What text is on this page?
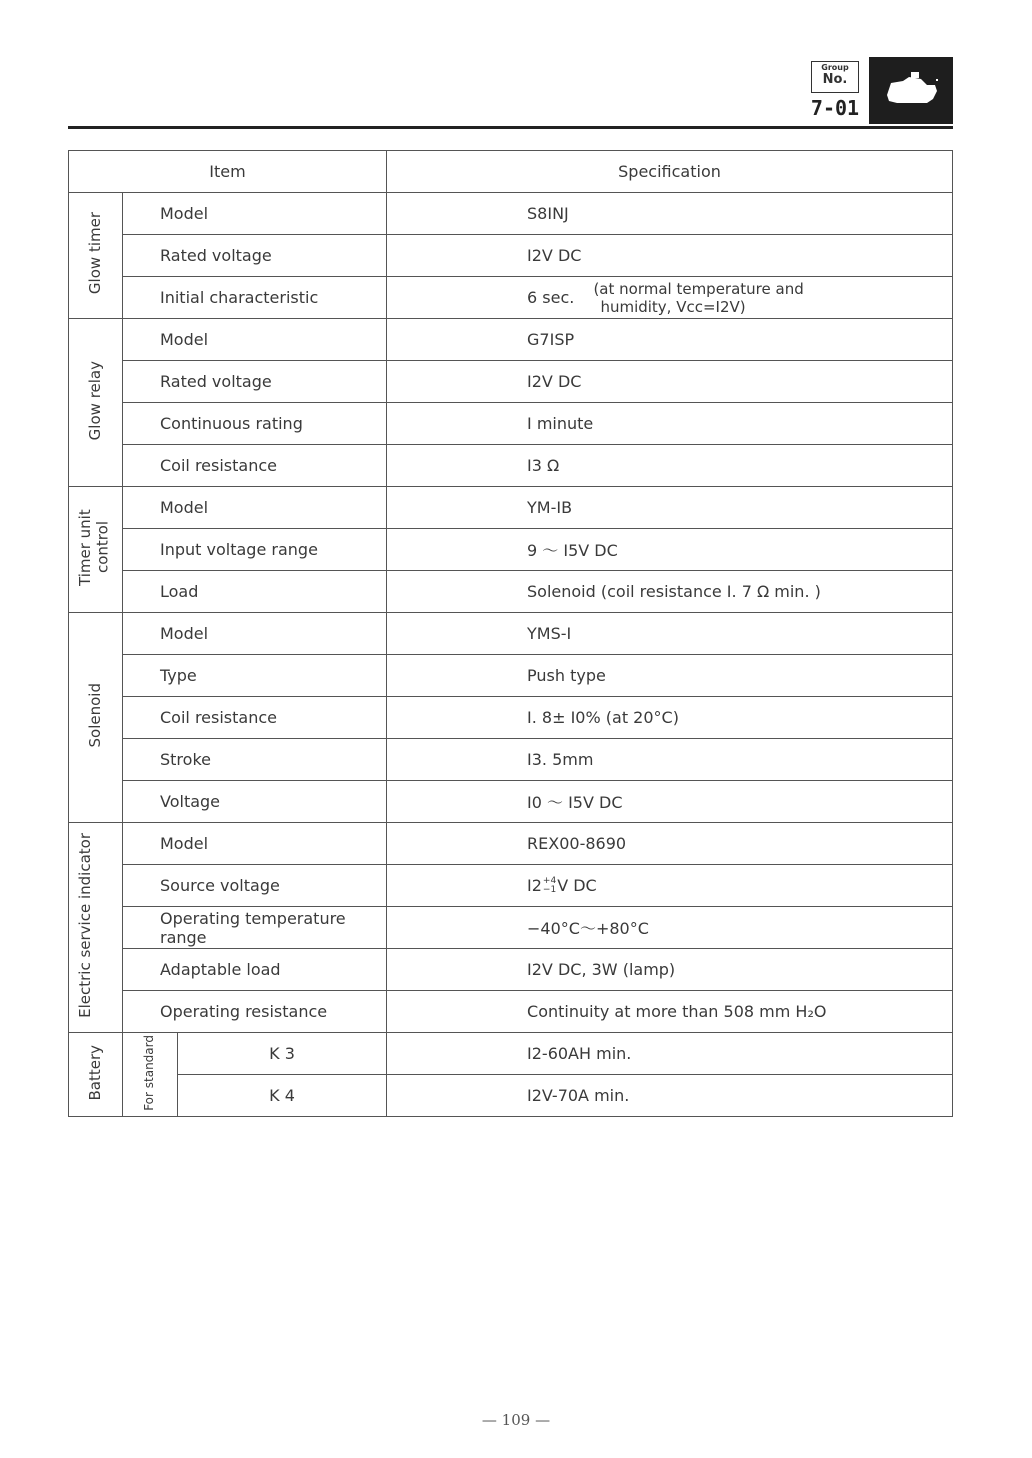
Group
No.
7-01
Item			Specification
Glow timer	Model		S8INJ
	Rated voltage		I2V DC
	Initial characteristic		6 sec. (at normal temperature and
humidity, Vcc=I2V)
Glow relay	Model		G7ISP
	Rated voltage		I2V DC
	Continuous rating		I minute
	Coil resistance		I3 Ω
Timer unit control	Model		YM-IB
	Input voltage range		9 ～ I5V DC
	Load		Solenoid (coil resistance I. 7 Ω min. )
Solenoid	Model		YMS-I
	Type		Push type
	Coil resistance		I. 8± I0% (at 20°C)
	Stroke		I3. 5mm
	Voltage		I0 ～ I5V DC
Electric service indicator	Model		REX00-8690
	Source voltage		I2 +4
−1 V DC
	Operating temperature range		−40°C～+80°C
	Adaptable load		I2V DC, 3W (lamp)
	Operating resistance		Continuity at more than 508 mm H₂O
Battery	For standard	K 3	I2-60AH min.
		K 4	I2V-70A min.
— 109 —
